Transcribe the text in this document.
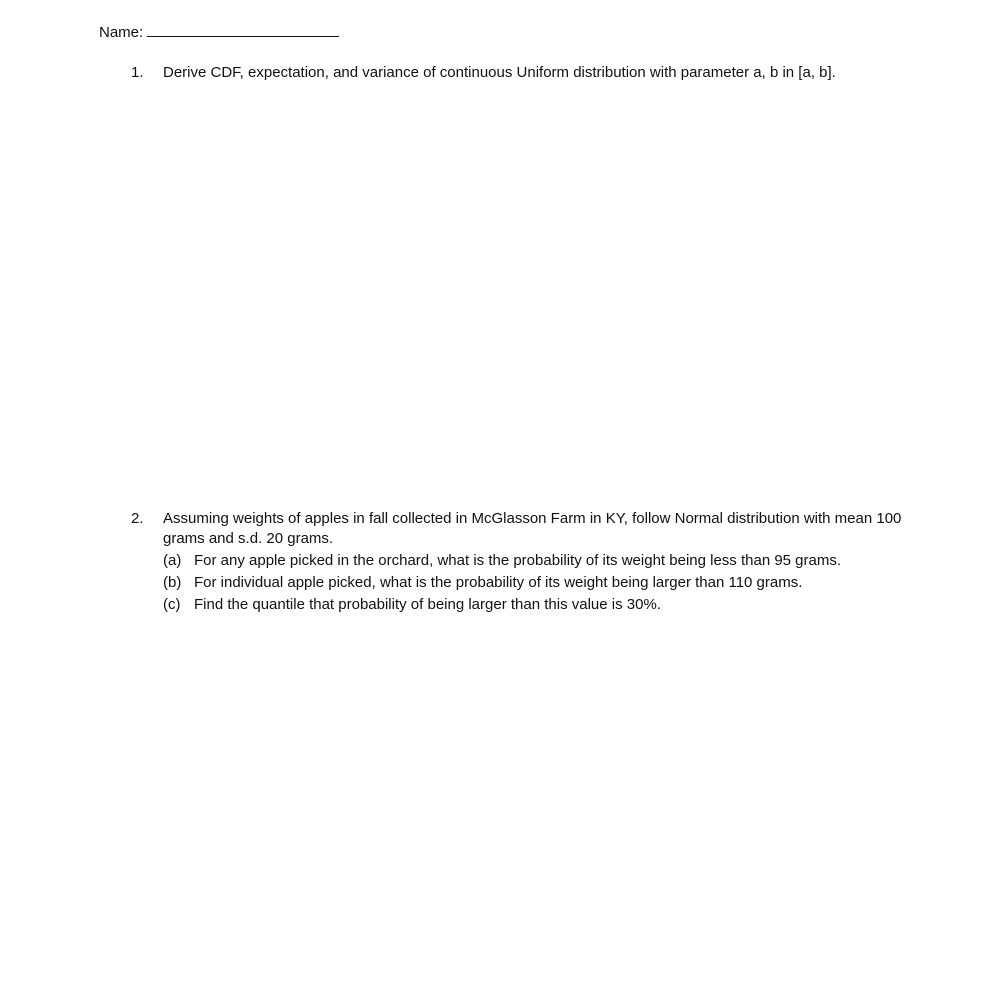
Name:
1.	Derive CDF, expectation, and variance of continuous Uniform distribution with parameter a, b in [a, b].
2.	Assuming weights of apples in fall collected in McGlasson Farm in KY, follow Normal distribution with mean 100 grams and s.d. 20 grams.
(a) For any apple picked in the orchard, what is the probability of its weight being less than 95 grams.
(b) For individual apple picked, what is the probability of its weight being larger than 110 grams.
(c) Find the quantile that probability of being larger than this value is 30%.
